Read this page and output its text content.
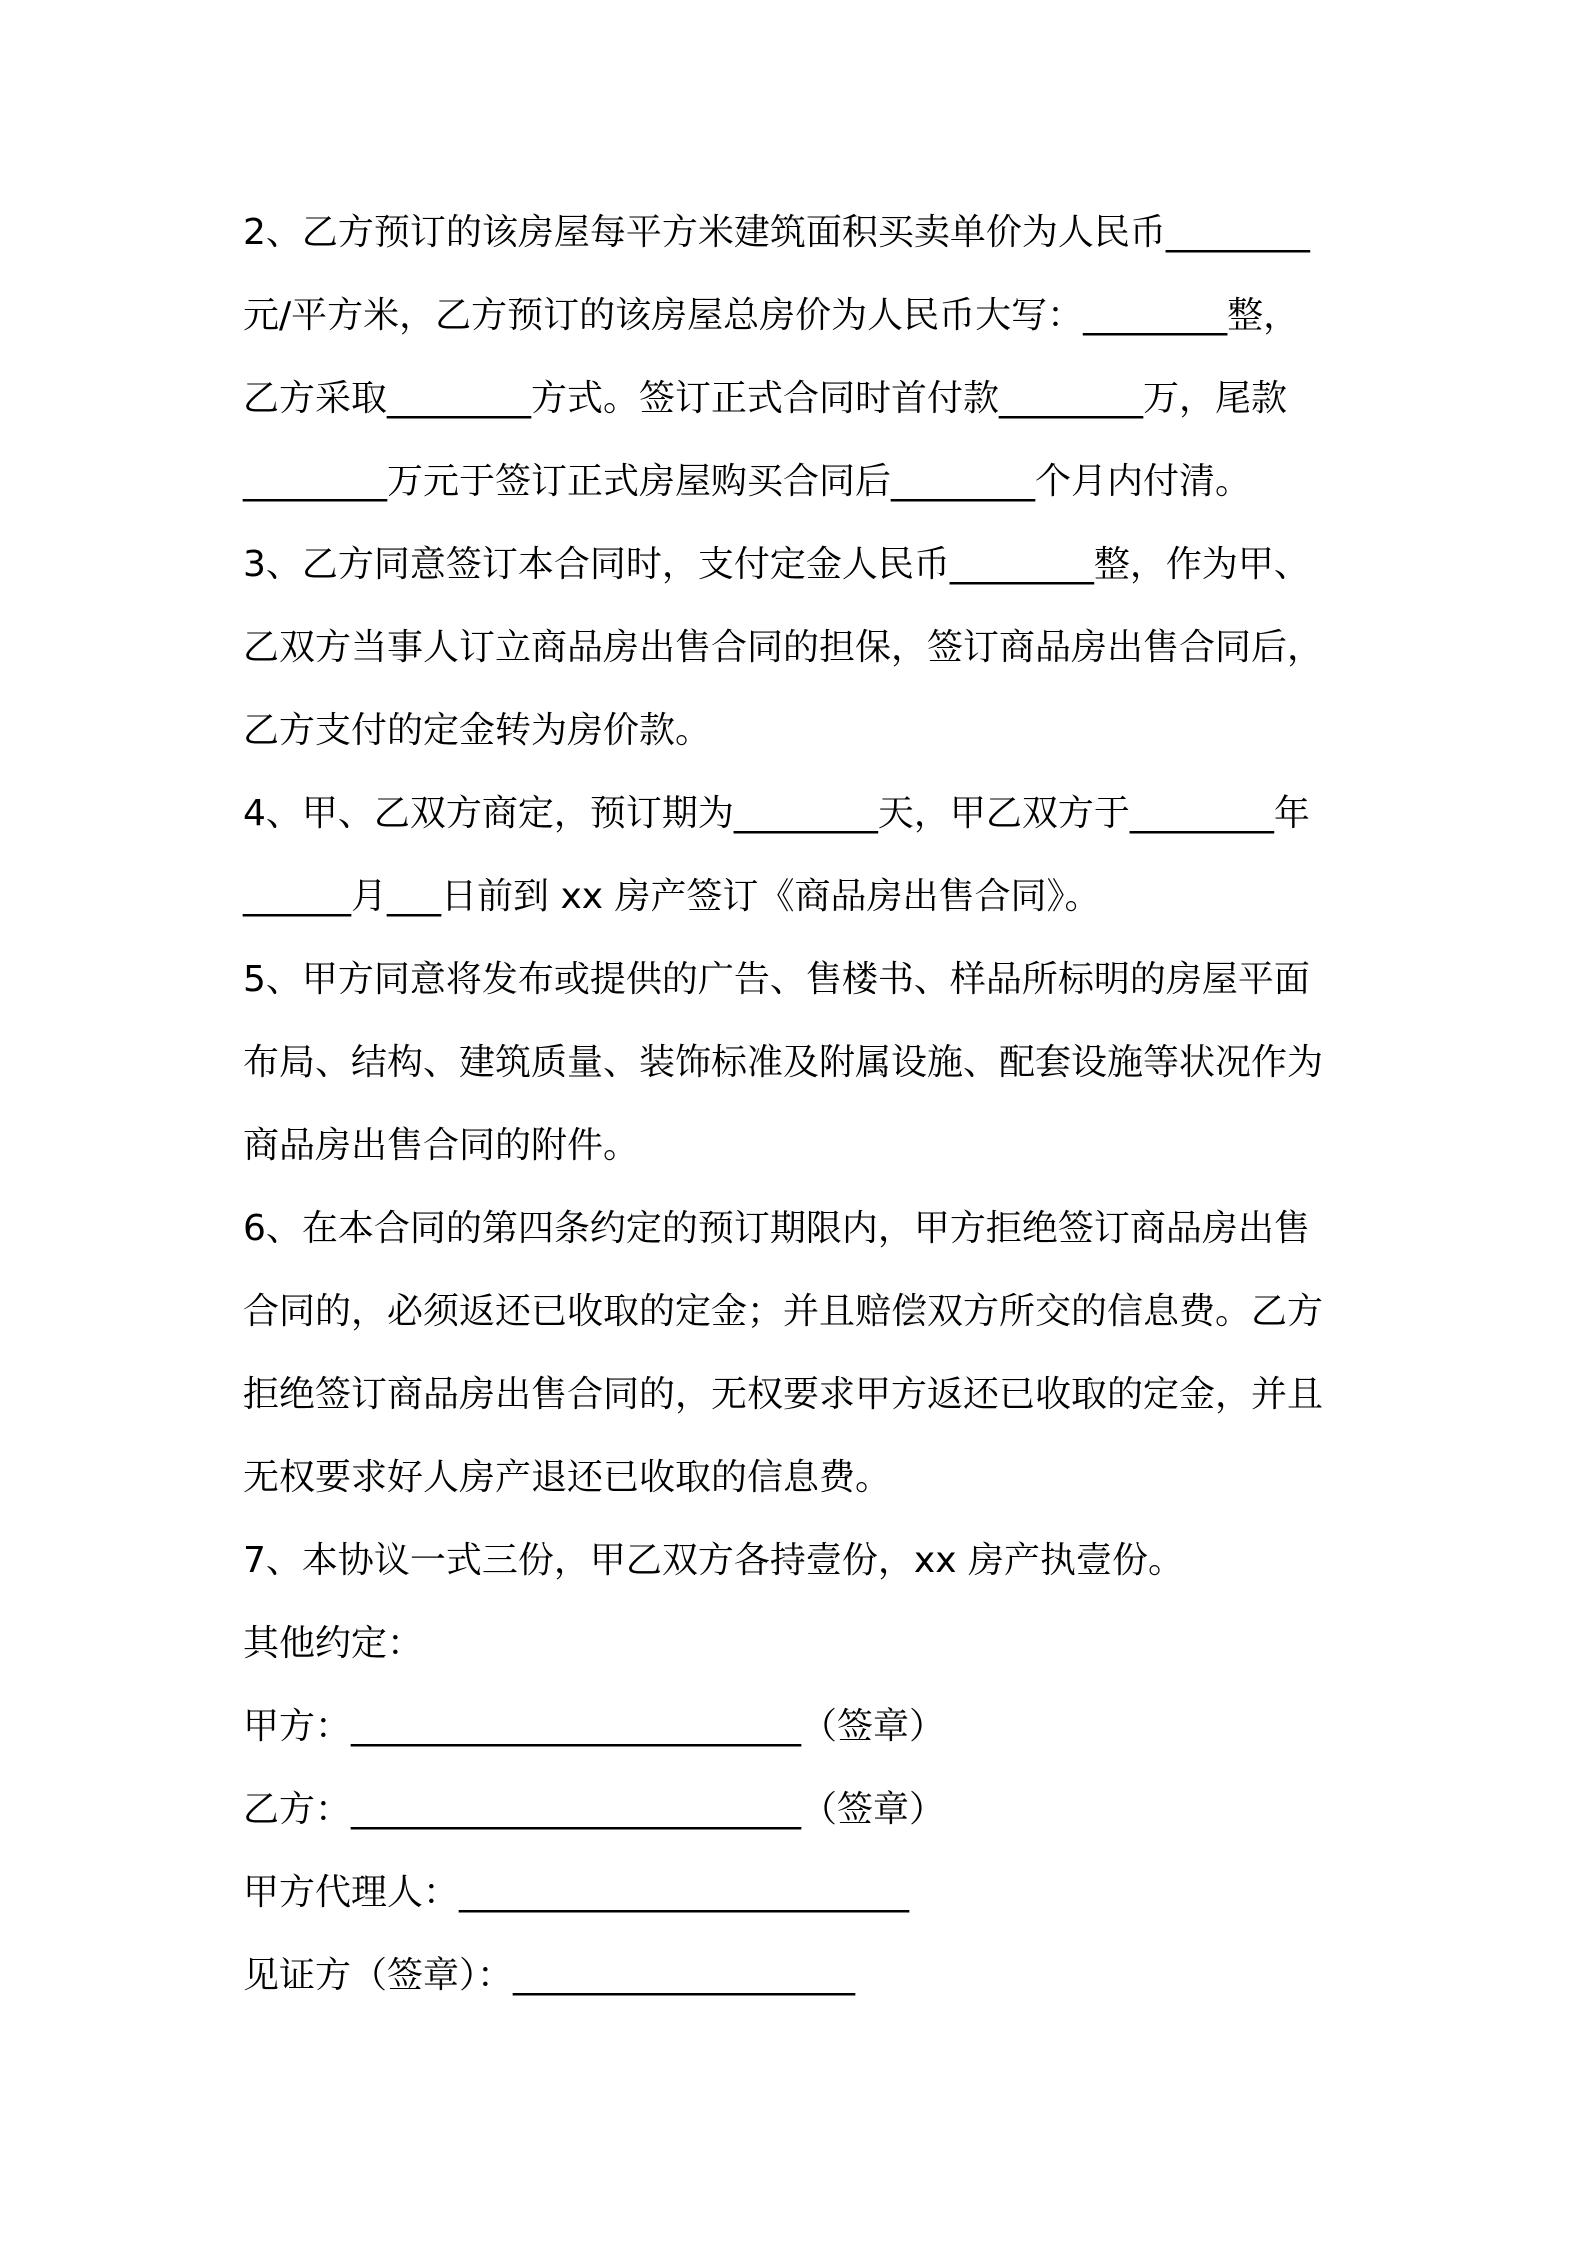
2、乙方预订的该房屋每平方米建筑面积买卖单价为人民币________
元/平方米，乙方预订的该房屋总房价为人民币大写：________整，
乙方采取________方式。签订正式合同时首付款________万，尾款
________万元于签订正式房屋购买合同后________个月内付清。
3、乙方同意签订本合同时，支付定金人民币________整，作为甲、
乙双方当事人订立商品房出售合同的担保，签订商品房出售合同后，
乙方支付的定金转为房价款。
4、甲、乙双方商定，预订期为________天，甲乙双方于________年
______月___日前到 xx 房产签订《商品房出售合同》。
5、甲方同意将发布或提供的广告、售楼书、样品所标明的房屋平面
布局、结构、建筑质量、装饰标准及附属设施、配套设施等状况作为
商品房出售合同的附件。
6、在本合同的第四条约定的预订期限内，甲方拒绝签订商品房出售
合同的，必须返还已收取的定金；并且赔偿双方所交的信息费。乙方
拒绝签订商品房出售合同的，无权要求甲方返还已收取的定金，并且
无权要求好人房产退还已收取的信息费。
7、本协议一式三份，甲乙双方各持壹份，xx 房产执壹份。
其他约定：
甲方：_________________________（签章）
乙方：_________________________（签章）
甲方代理人：_________________________
见证方（签章）：___________________
